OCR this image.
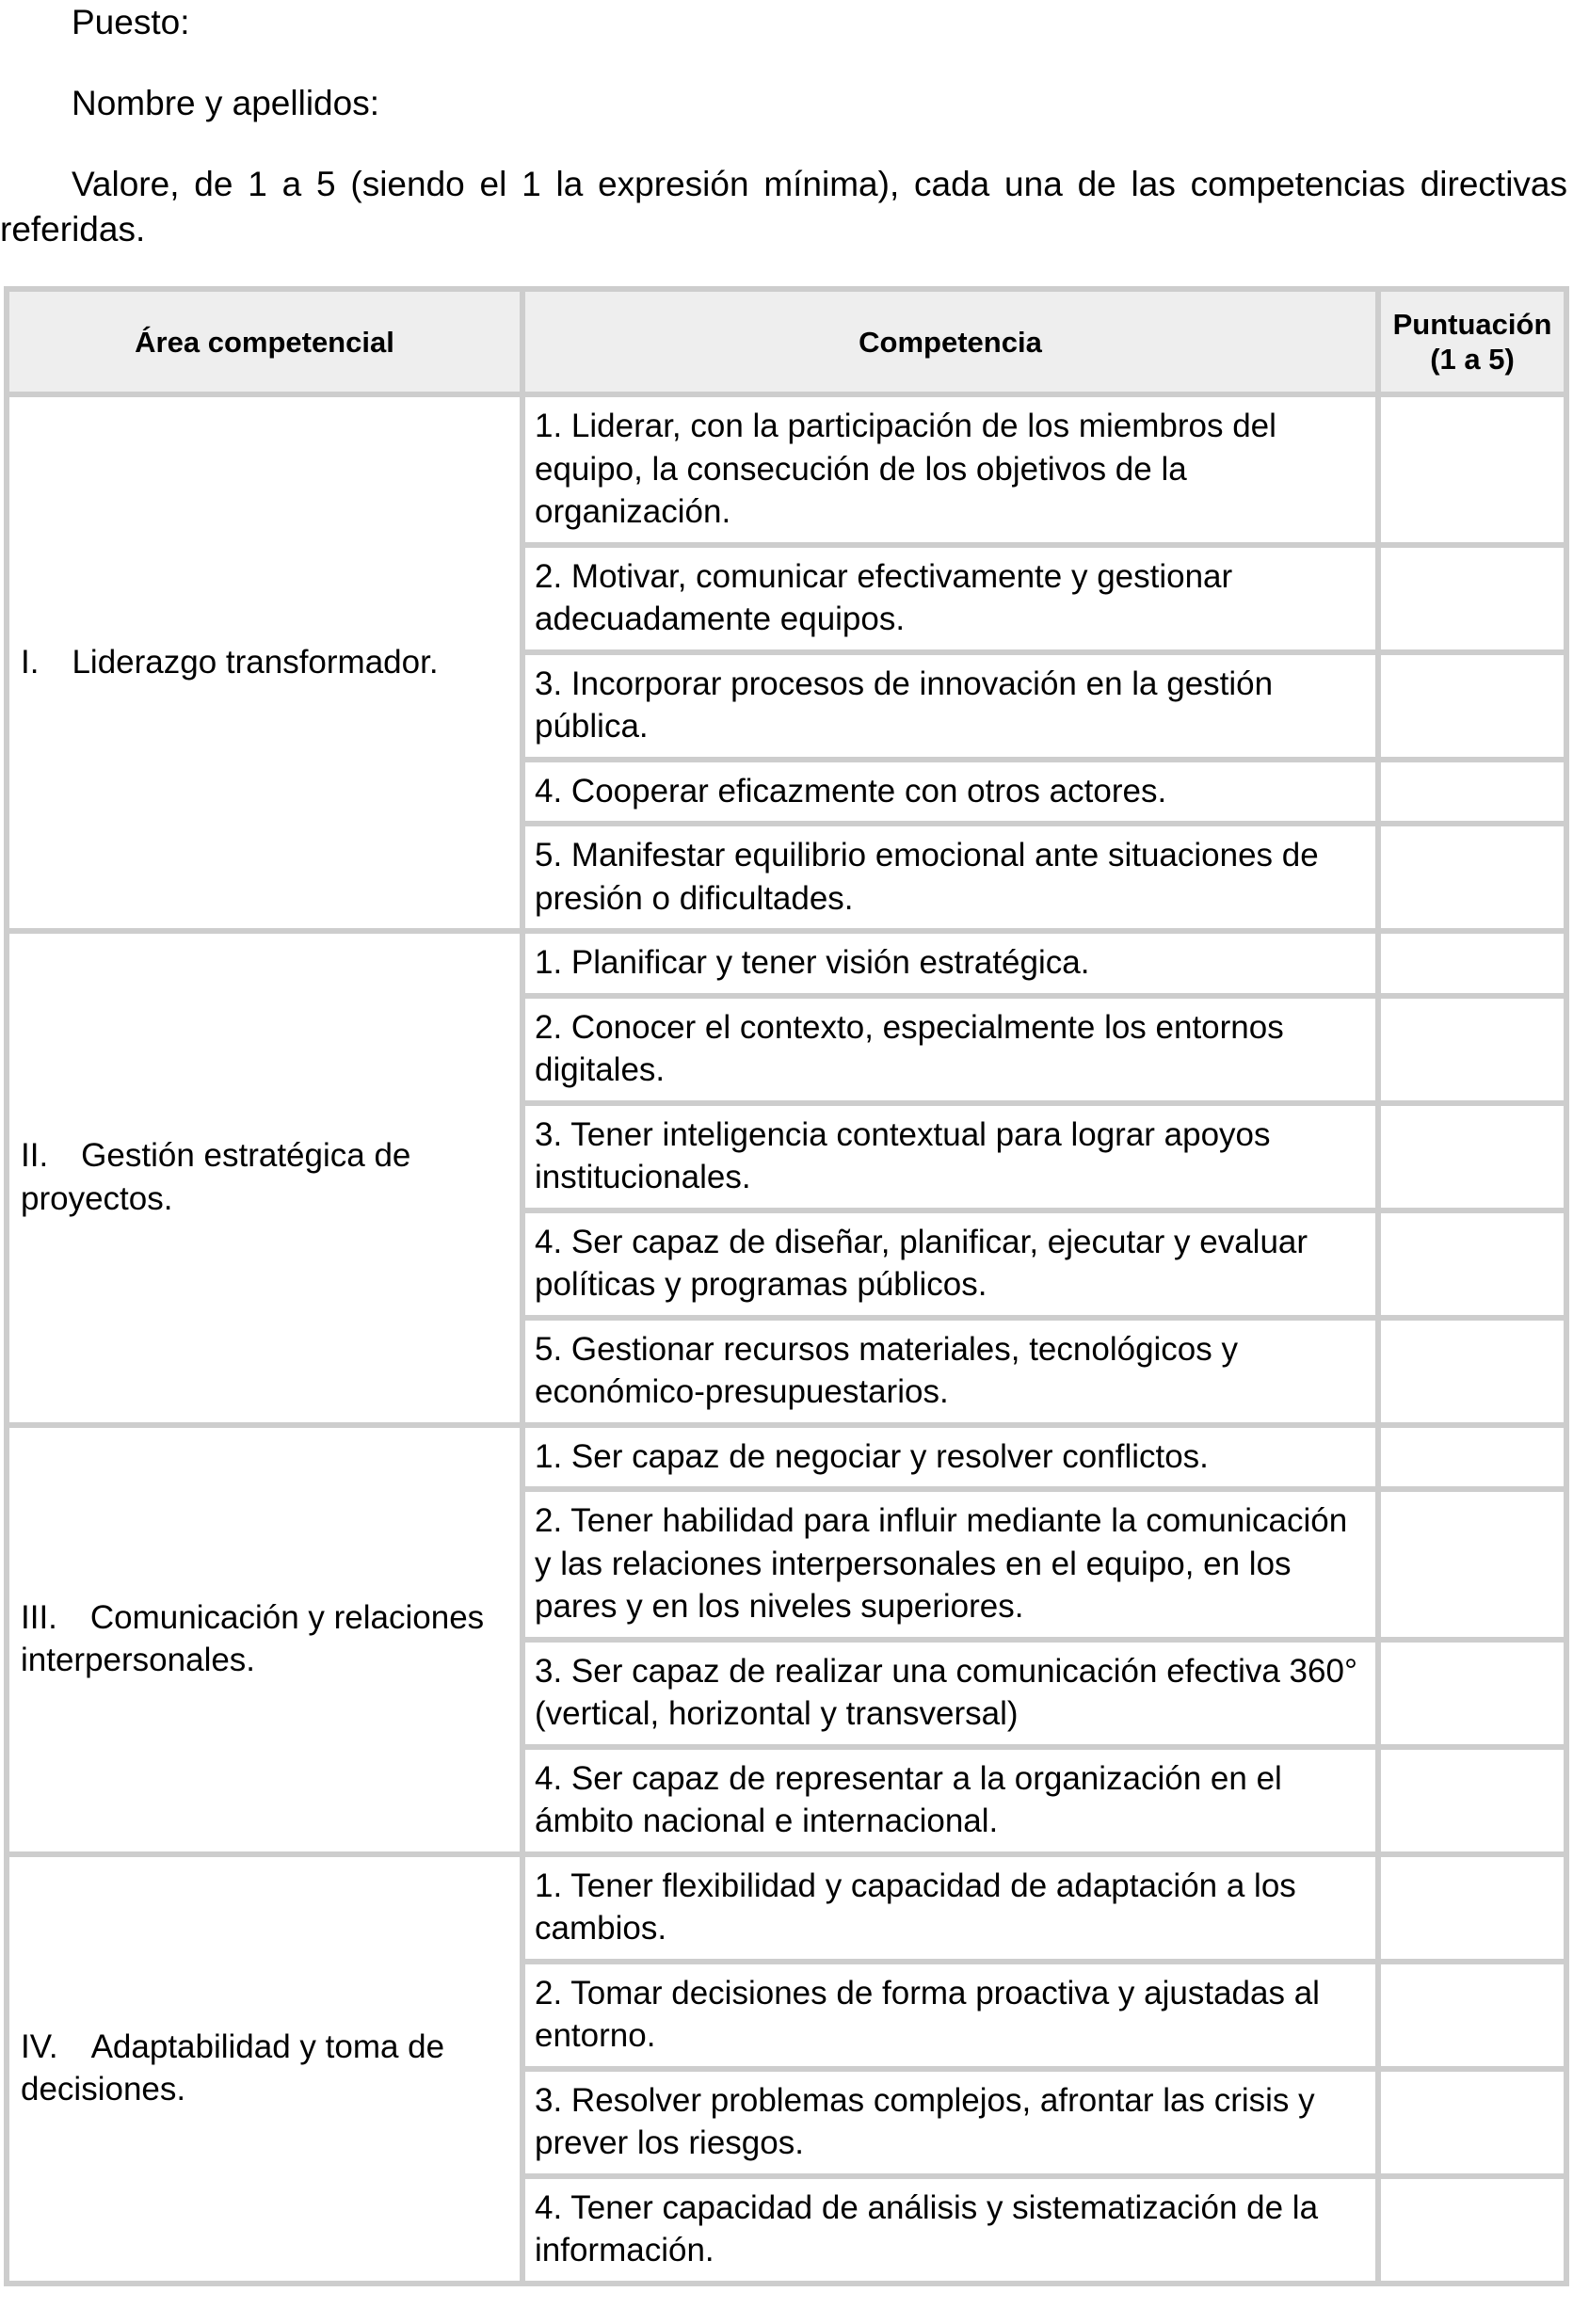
Puesto:

Nombre y apellidos:

Valore, de 1 a 5 (siendo el 1 la expresión mínima), cada una de las competencias directivas referidas.

Área competencial	Competencia	Puntuación
(1 a 5)
I. Liderazgo transformador.	1. Liderar, con la participación de los miembros del equipo, la consecución de los objetivos de la organización.	
	2. Motivar, comunicar efectivamente y gestionar adecuadamente equipos.	
	3. Incorporar procesos de innovación en la gestión pública.	
	4. Cooperar eficazmente con otros actores.	
	5. Manifestar equilibrio emocional ante situaciones de presión o dificultades.	
II. Gestión estratégica de proyectos.	1. Planificar y tener visión estratégica.	
	2. Conocer el contexto, especialmente los entornos digitales.	
	3. Tener inteligencia contextual para lograr apoyos institucionales.	
	4. Ser capaz de diseñar, planificar, ejecutar y evaluar políticas y programas públicos.	
	5. Gestionar recursos materiales, tecnológicos y económico-presupuestarios.	
III. Comunicación y relaciones interpersonales.	1. Ser capaz de negociar y resolver conflictos.	
	2. Tener habilidad para influir mediante la comunicación y las relaciones interpersonales en el equipo, en los pares y en los niveles superiores.	
	3. Ser capaz de realizar una comunicación efectiva 360° (vertical, horizontal y transversal)	
	4. Ser capaz de representar a la organización en el ámbito nacional e internacional.	
IV. Adaptabilidad y toma de decisiones.	1. Tener flexibilidad y capacidad de adaptación a los cambios.	
	2. Tomar decisiones de forma proactiva y ajustadas al entorno.	
	3. Resolver problemas complejos, afrontar las crisis y prever los riesgos.	
	4. Tener capacidad de análisis y sistematización de la información.	
